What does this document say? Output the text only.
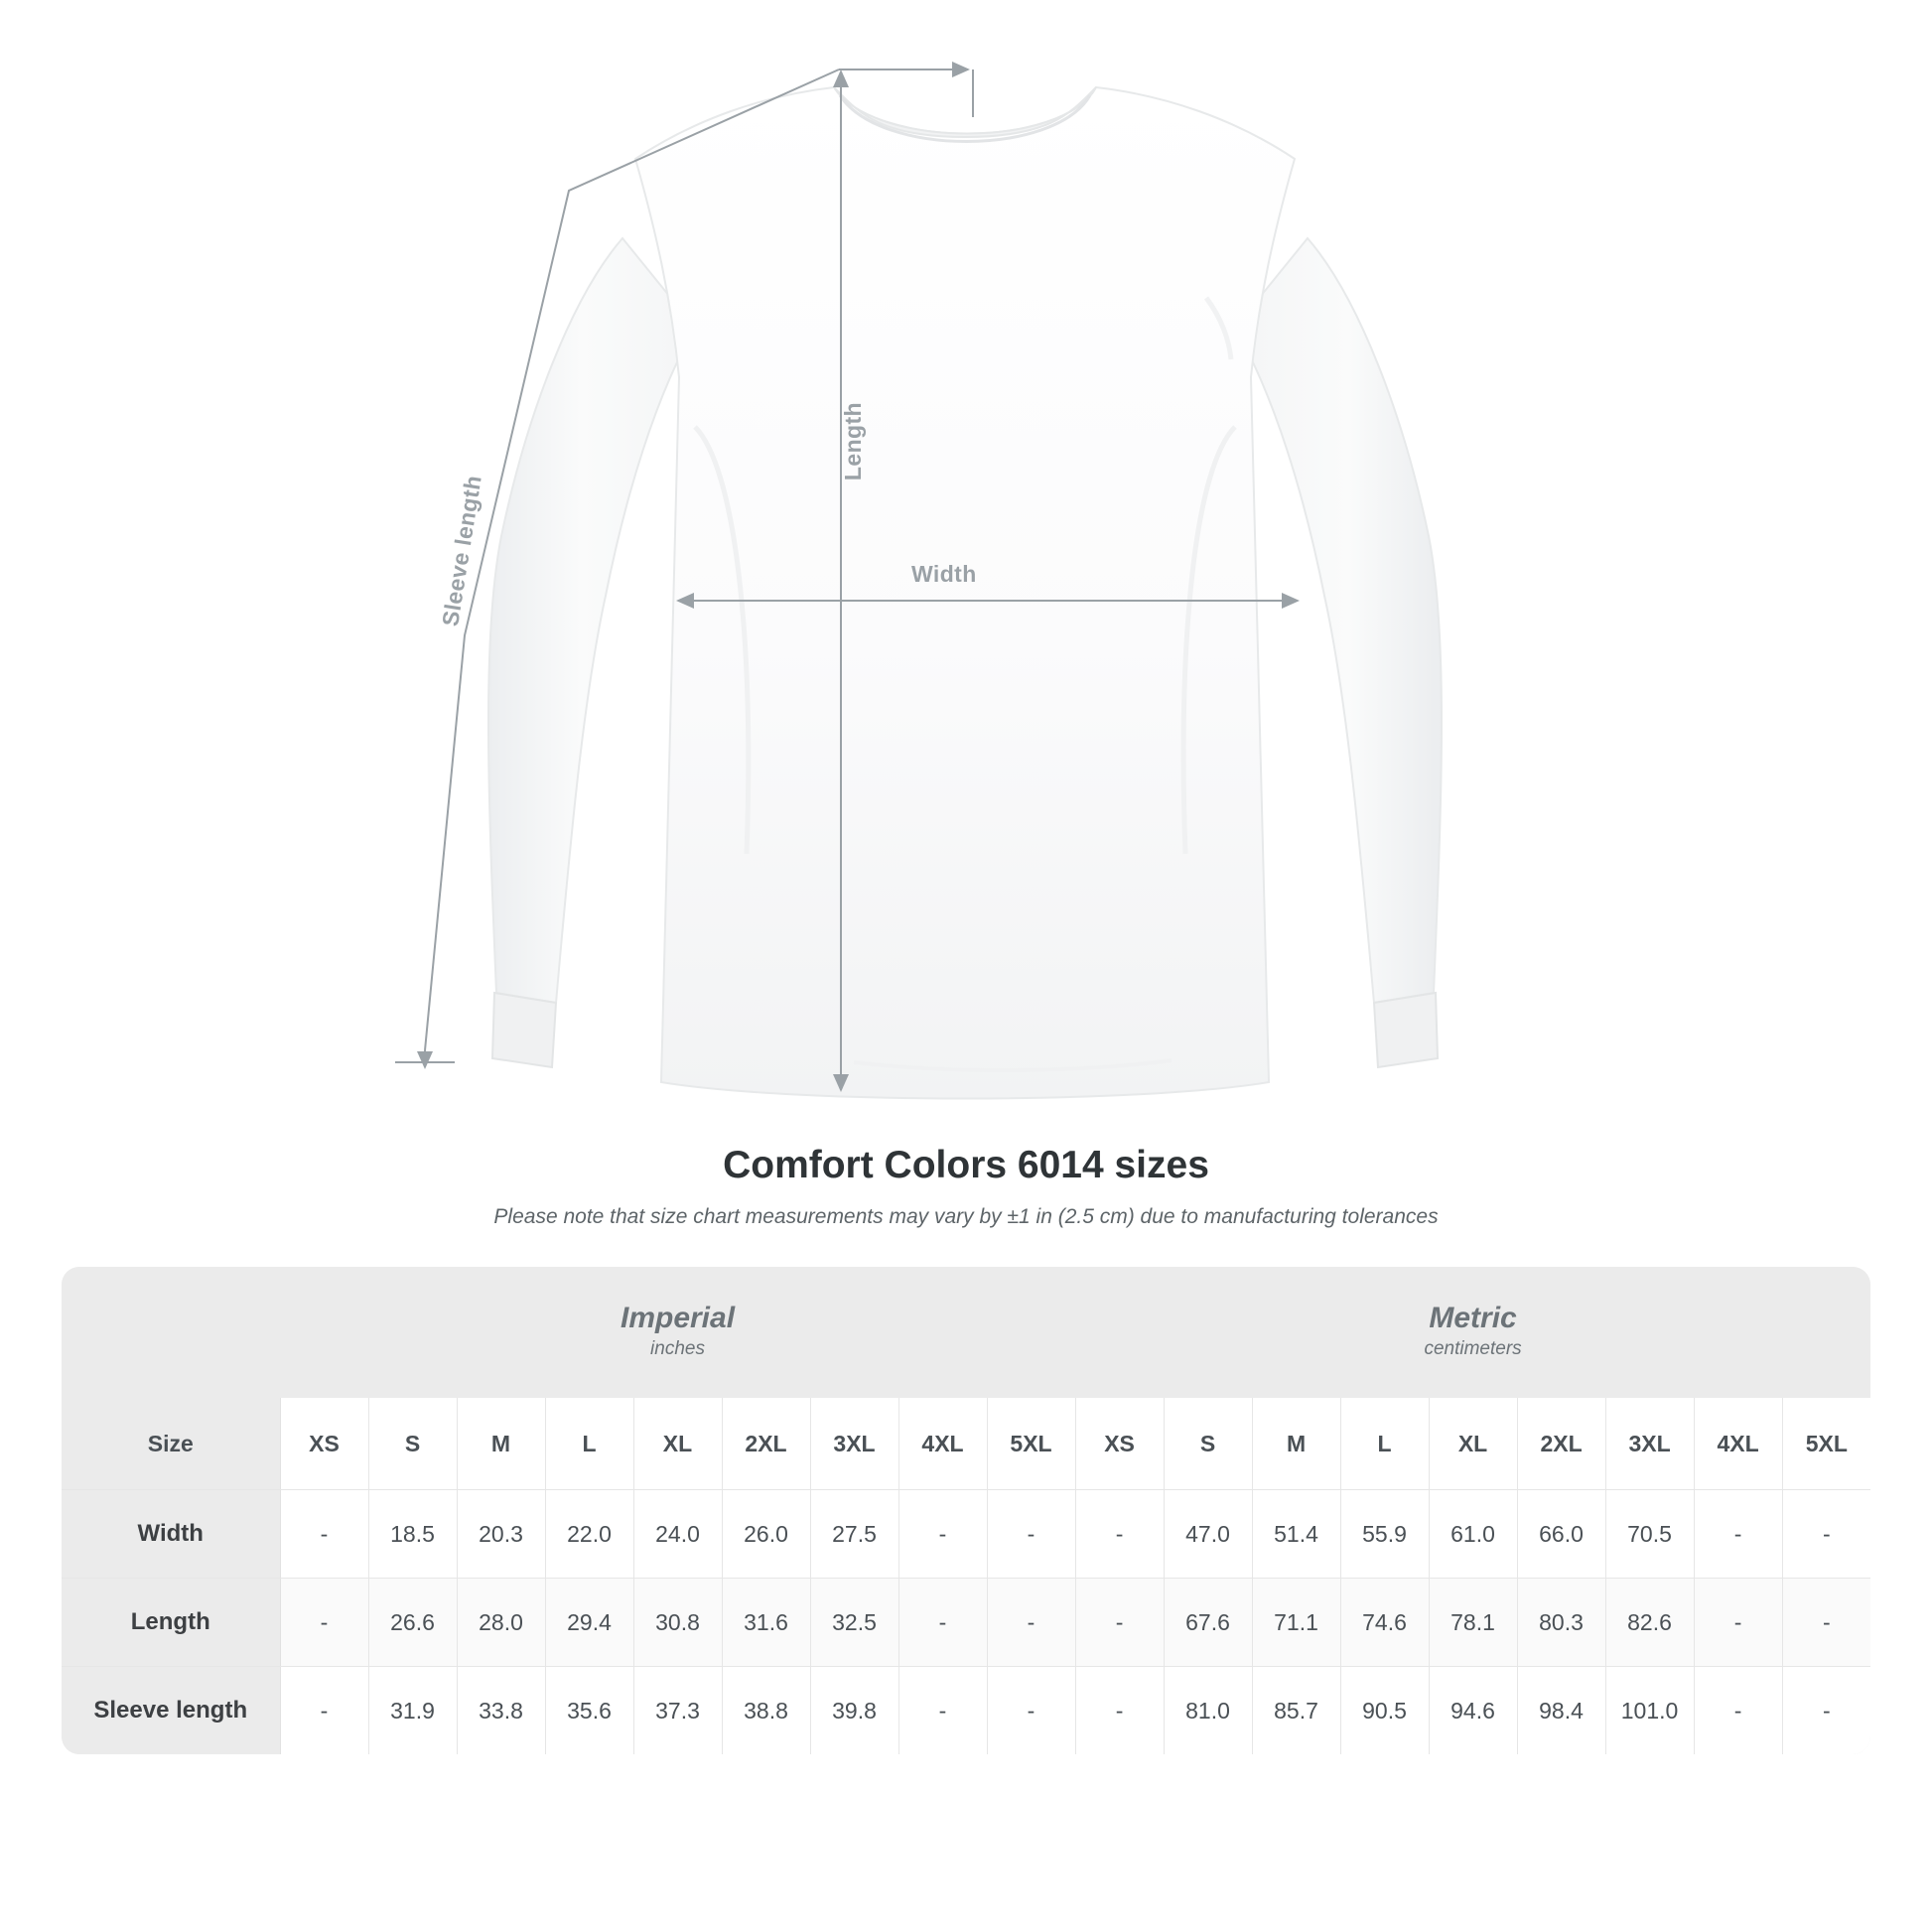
Length
Sleeve length	Width
Comfort Colors 6014 sizes

Please note that size chart measurements may vary by ±1 in (2.5 cm) due to manufacturing tolerances

Imperial
inches

Metric
centimeters

Size	XS	S	M	L	XL	2XL	3XL	4XL	5XL	XS	S	M	L	XL	2XL	3XL	4XL	5XL
Width	-	18.5	20.3	22.0	24.0	26.0	27.5	-	-	-	47.0	51.4	55.9	61.0	66.0	70.5	-	-
Length	-	26.6	28.0	29.4	30.8	31.6	32.5	-	-	-	67.6	71.1	74.6	78.1	80.3	82.6	-	-
Sleeve length	-	31.9	33.8	35.6	37.3	38.8	39.8	-	-	-	81.0	85.7	90.5	94.6	98.4	101.0	-	-
